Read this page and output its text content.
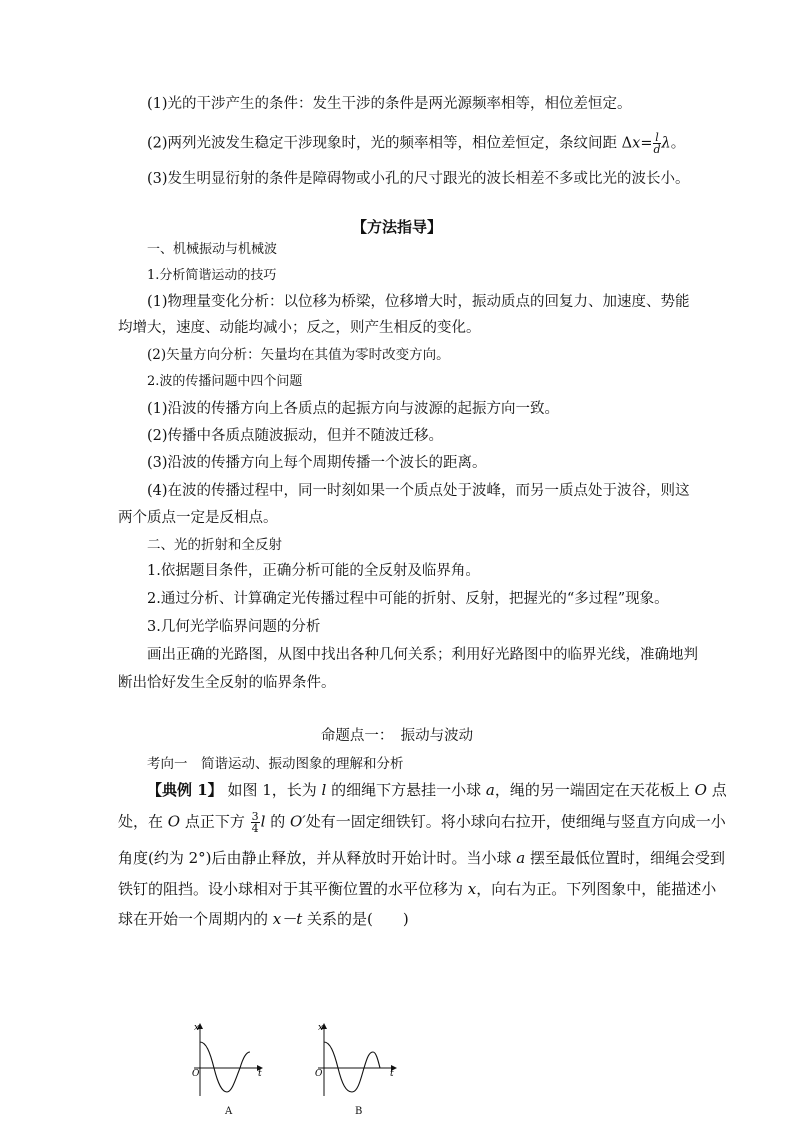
(1)光的干涉产生的条件：发生干涉的条件是两光源频率相等，相位差恒定。
(2)两列光波发生稳定干涉现象时，光的频率相等，相位差恒定，条纹间距 $\Delta x= \frac{l}{d}$ λ。
(3)发生明显衍射的条件是障碍物或小孔的尺寸跟光的波长相差不多或比光的波长小。
【方法指导】
一、机械振动与机械波
1.分析简谐运动的技巧
(1)物理量变化分析：以位移为桥梁，位移增大时，振动质点的回复力、加速度、势能
均增大，速度、动能均减小；反之，则产生相反的变化。
(2)矢量方向分析：矢量均在其值为零时改变方向。
2.波的传播问题中四个问题
(1)沿波的传播方向上各质点的起振方向与波源的起振方向一致。
(2)传播中各质点随波振动，但并不随波迁移。
(3)沿波的传播方向上每个周期传播一个波长的距离。
(4)在波的传播过程中，同一时刻如果一个质点处于波峰，而另一质点处于波谷，则这
两个质点一定是反相点。
二、光的折射和全反射
1.依据题目条件，正确分析可能的全反射及临界角。
2.通过分析、计算确定光传播过程中可能的折射、反射，把握光的“多过程”现象。
3.几何光学临界问题的分析
画出正确的光路图，从图中找出各种几何关系；利用好光路图中的临界光线，准确地判
断出恰好发生全反射的临界条件。
命题点一：　振动与波动
考向一　简谐运动、振动图象的理解和分析
【典例 1】 如图 1，长为 l 的细绳下方悬挂一小球 a，绳的另一端固定在天花板上 O 点
处，在 O 点正下方 $\frac{3}{4}$ l 的 O′处有一固定细铁钉。将小球向右拉开，使细绳与竖直方向成一小
角度(约为 2°)后由静止释放，并从释放时开始计时。当小球 a 摆至最低位置时，细绳会受到
铁钉的阻挡。设小球相对于其平衡位置的水平位移为 x，向右为正。下列图象中，能描述小
球在开始一个周期内的 x－t 关系的是(　　)
x
O	t
A
x
O	t
B
